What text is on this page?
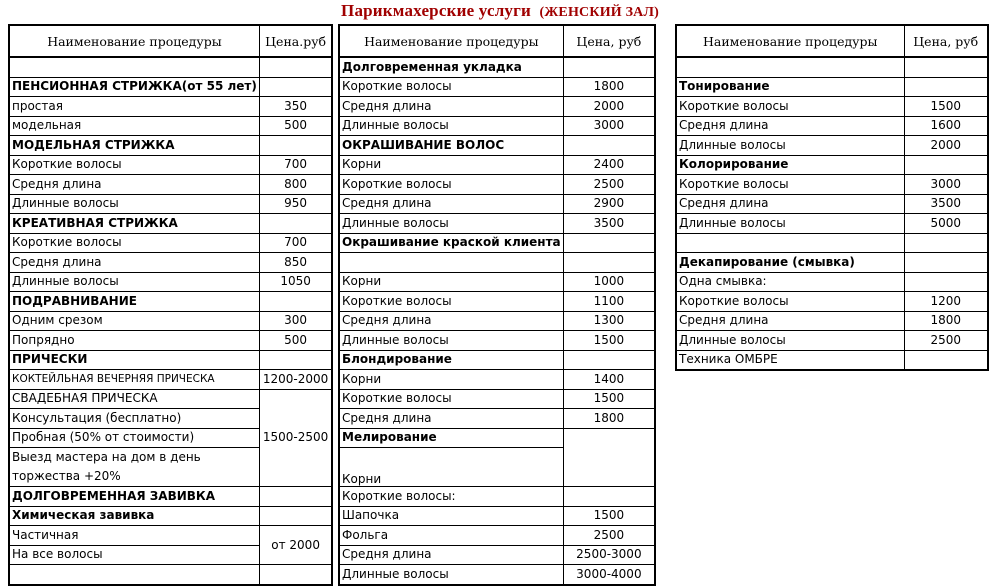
Парикмахерские услуги (ЖЕНСКИЙ ЗАЛ)
Наименование процедуры	Цена.руб

ПЕНСИОННАЯ СТРИЖКА(от 55 лет)	
простая	350
модельная	500
МОДЕЛЬНАЯ СТРИЖКА	
Короткие волосы	700
Средня длина	800
Длинные волосы	950
КРЕАТИВНАЯ СТРИЖКА	
Короткие волосы	700
Средня длина	850
Длинные волосы	1050
ПОДРАВНИВАНИЕ	
Одним срезом	300
Попрядно	500
ПРИЧЕСКИ	
КОКТЕЙЛЬНАЯ ВЕЧЕРНЯЯ ПРИЧЕСКА	1200-2000
СВАДЕБНАЯ ПРИЧЕСКА	1500-2500
Консультация (бесплатно)	
Пробная (50% от стоимости)	
Выезд мастера на дом в день торжества +20%	
ДОЛГОВРЕМЕННАЯ ЗАВИВКА	
Химическая завивка	
Частичная	от 2000
На все волосы	

Наименование процедуры	Цена, руб
Долговременная укладка	
Короткие волосы	1800
Средня длина	2000
Длинные волосы	3000
ОКРАШИВАНИЕ ВОЛОС	
Корни	2400
Короткие волосы	2500
Средня длина	2900
Длинные волосы	3500
Окрашивание краской клиента	

Корни	1000
Короткие волосы	1100
Средня длина	1300
Длинные волосы	1500
Блондирование	
Корни	1400
Короткие волосы	1500
Средня длина	1800
Мелирование	
Корни	
Короткие волосы:	
Шапочка	1500
Фольга	2500
Средня длина	2500-3000
Длинные волосы	3000-4000
Наименование процедуры	Цена, руб

Тонирование	
Короткие волосы	1500
Средня длина	1600
Длинные волосы	2000
Колорирование	
Короткие волосы	3000
Средня длина	3500
Длинные волосы	5000

Декапирование (смывка)	
Одна смывка:	
Короткие волосы	1200
Средня длина	1800
Длинные волосы	2500
Техника ОМБРЕ	
